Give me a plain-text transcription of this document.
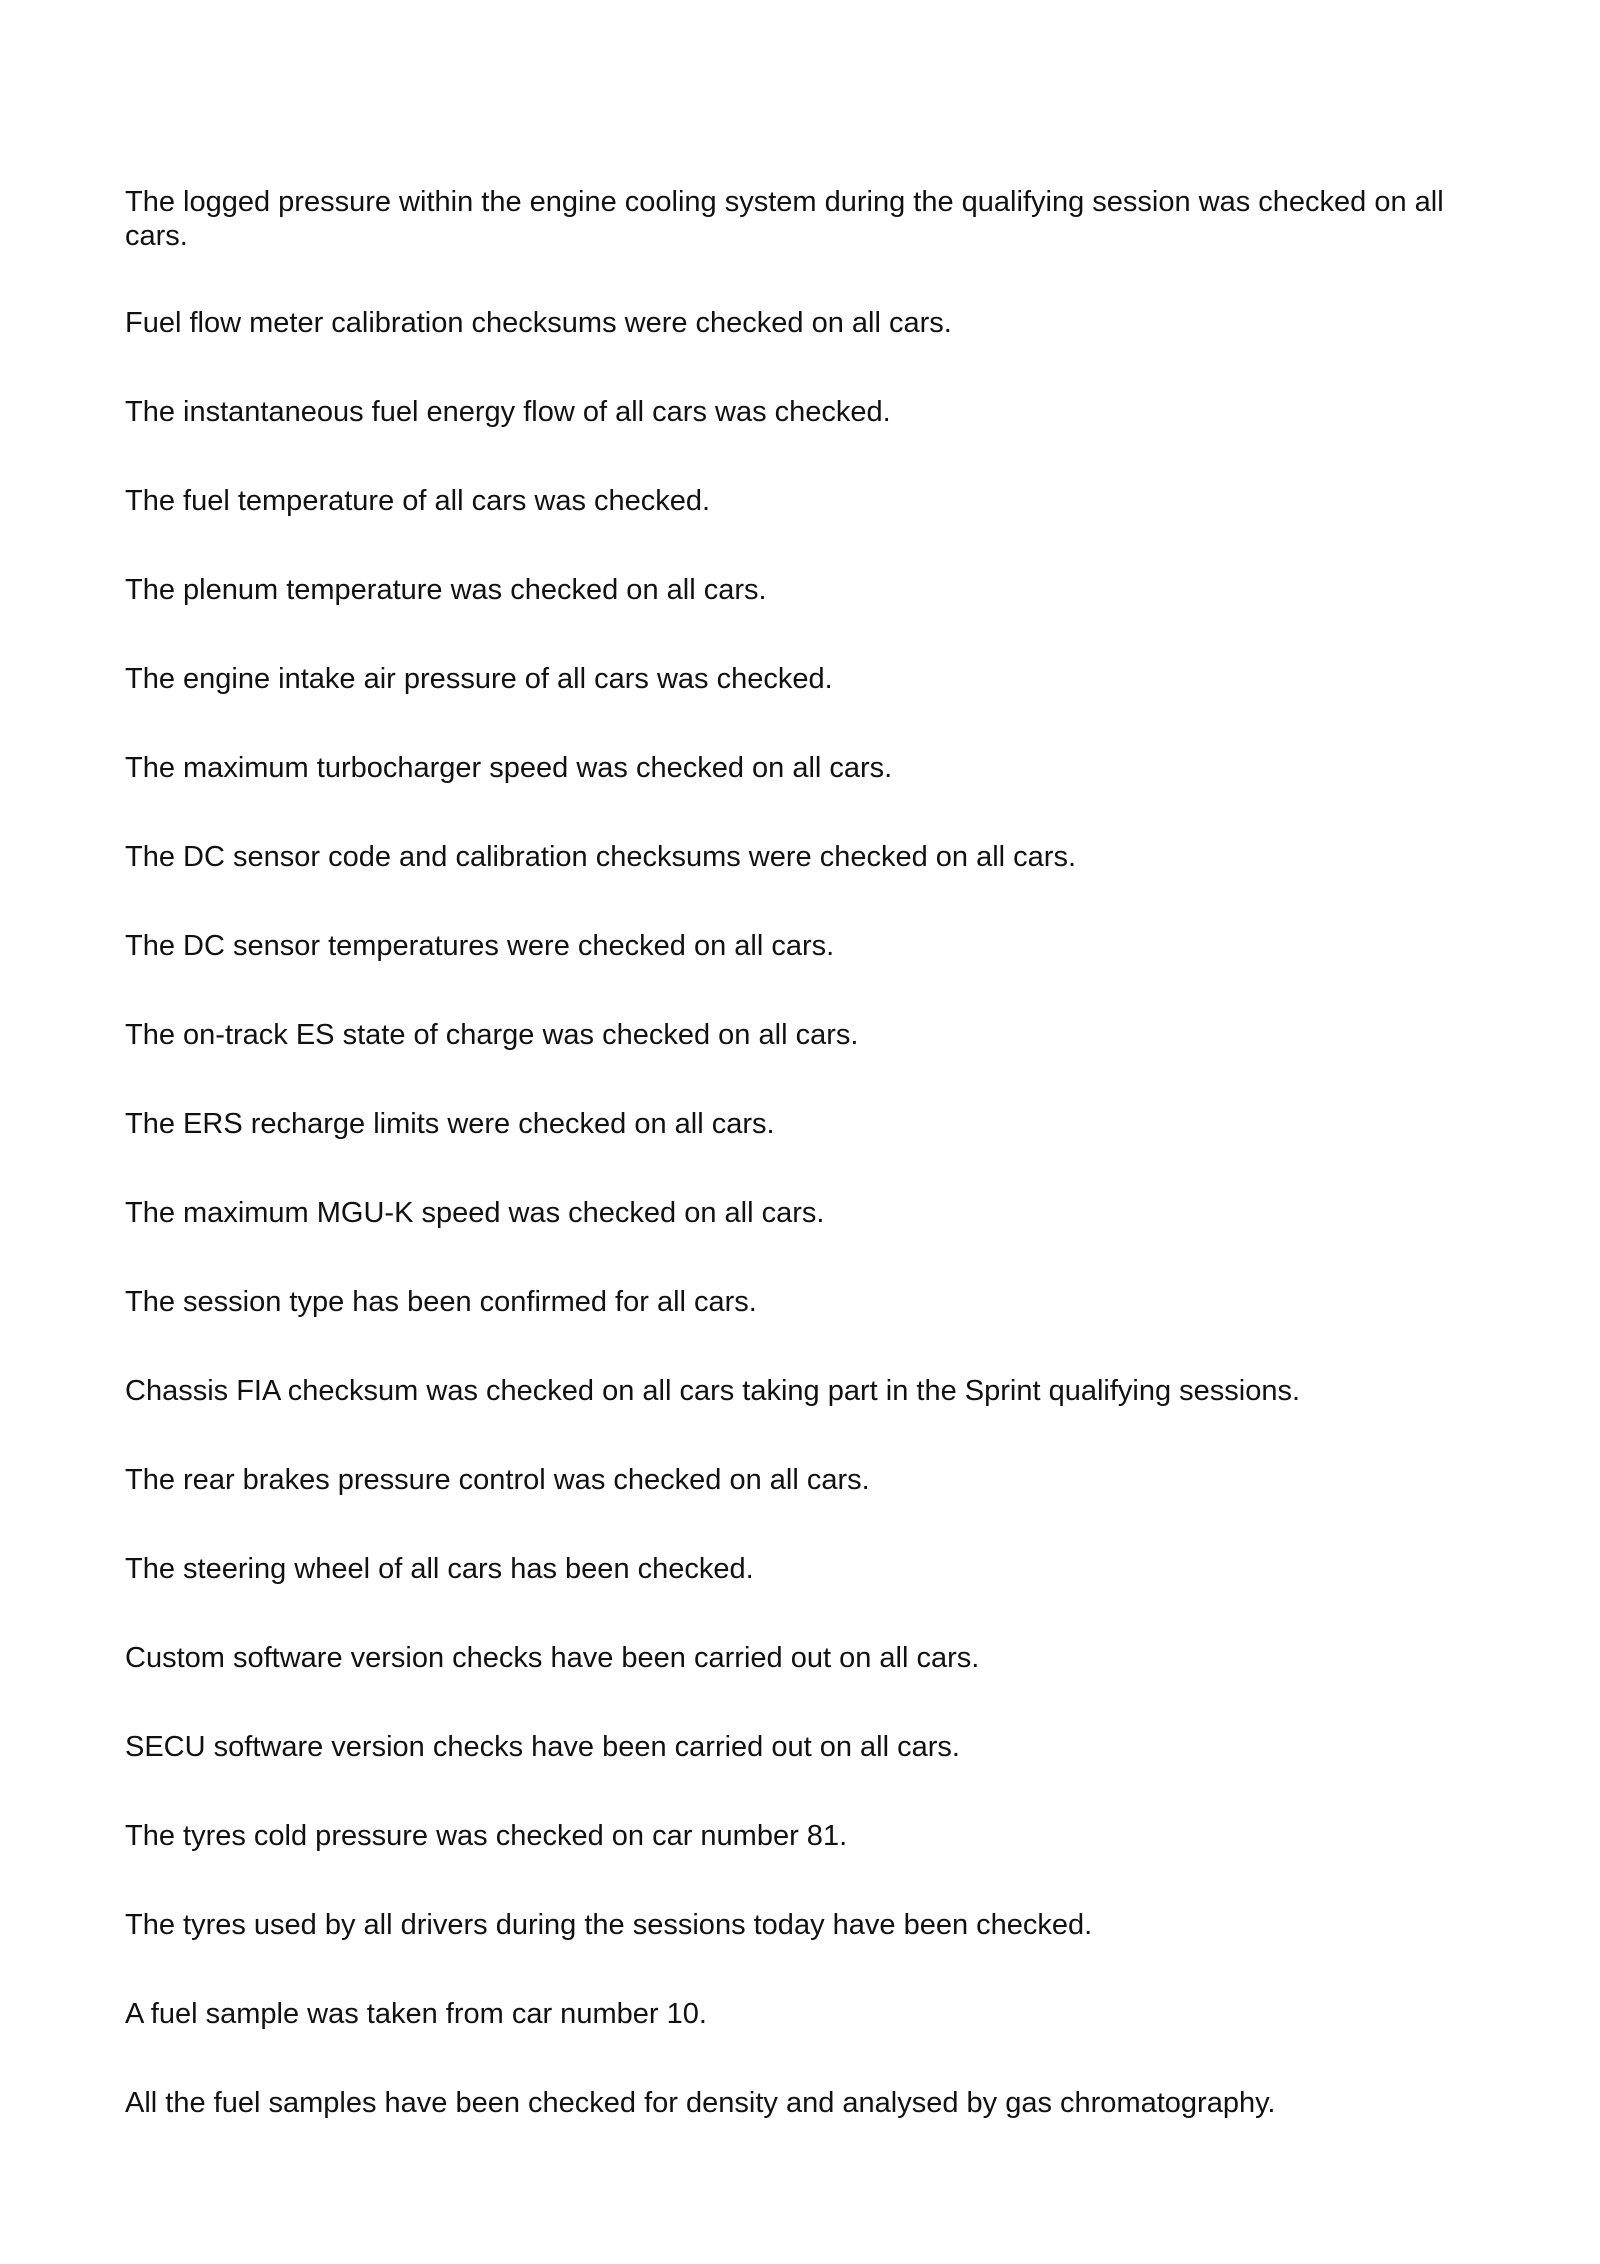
The logged pressure within the engine cooling system during the qualifying session was checked on all cars.

Fuel flow meter calibration checksums were checked on all cars.

The instantaneous fuel energy flow of all cars was checked.

The fuel temperature of all cars was checked.

The plenum temperature was checked on all cars.

The engine intake air pressure of all cars was checked.

The maximum turbocharger speed was checked on all cars.

The DC sensor code and calibration checksums were checked on all cars.

The DC sensor temperatures were checked on all cars.

The on-track ES state of charge was checked on all cars.

The ERS recharge limits were checked on all cars.

The maximum MGU-K speed was checked on all cars.

The session type has been confirmed for all cars.

Chassis FIA checksum was checked on all cars taking part in the Sprint qualifying sessions.

The rear brakes pressure control was checked on all cars.

The steering wheel of all cars has been checked.

Custom software version checks have been carried out on all cars.

SECU software version checks have been carried out on all cars.

The tyres cold pressure was checked on car number 81.

The tyres used by all drivers during the sessions today have been checked.

A fuel sample was taken from car number 10.

All the fuel samples have been checked for density and analysed by gas chromatography.
